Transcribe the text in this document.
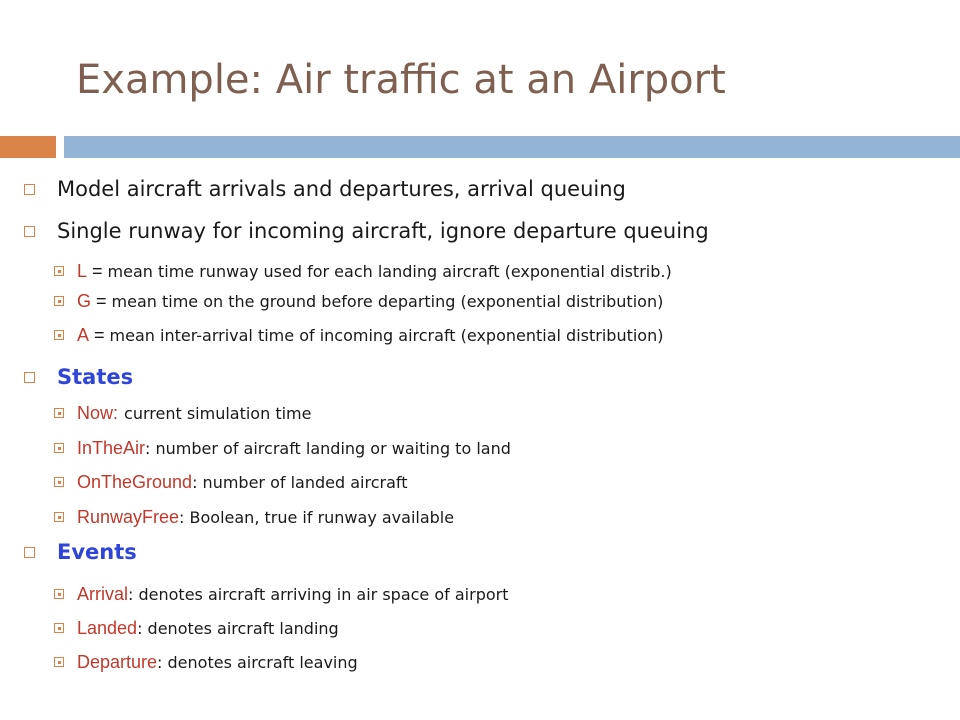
Example: Air traffic at an Airport
Model aircraft arrivals and departures, arrival queuing
Single runway for incoming aircraft, ignore departure queuing
L = mean time runway used for each landing aircraft (exponential distrib.)
G = mean time on the ground before departing (exponential distribution)
A = mean inter-arrival time of incoming aircraft (exponential distribution)
States
Now: current simulation time
InTheAir : number of aircraft landing or waiting to land
OnTheGround : number of landed aircraft
RunwayFree : Boolean, true if runway available
Events
Arrival : denotes aircraft arriving in air space of airport
Landed : denotes aircraft landing
Departure : denotes aircraft leaving
